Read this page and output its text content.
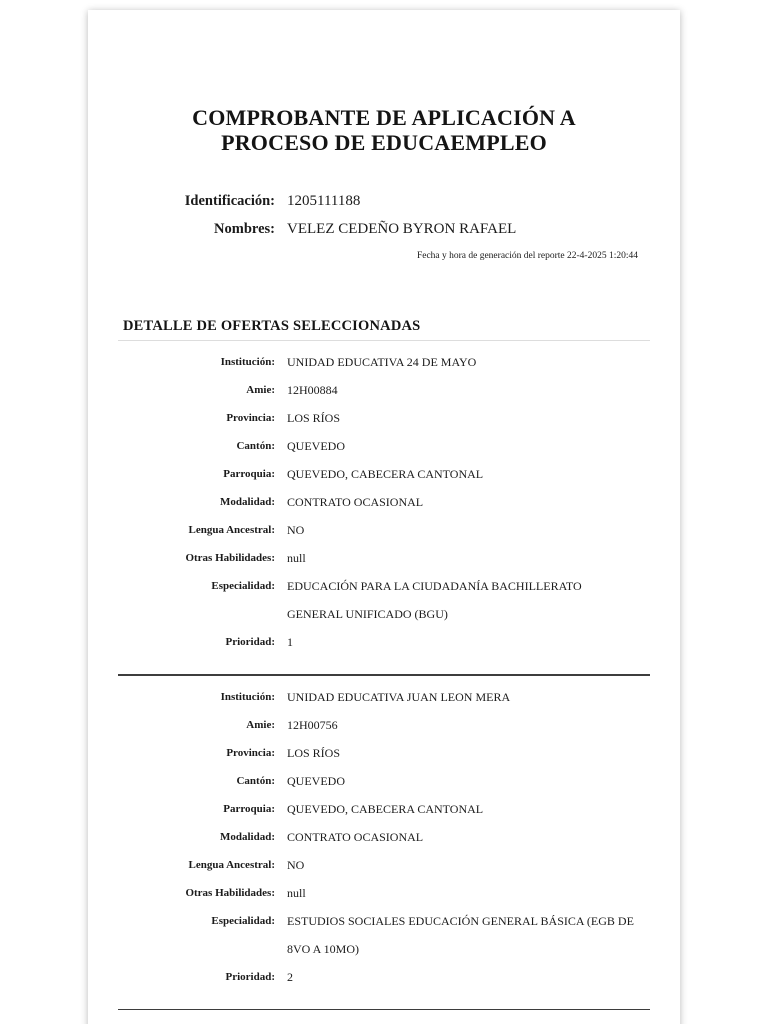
COMPROBANTE DE APLICACIÓN A
PROCESO DE EDUCAEMPLEO
Identificación: 1205111188
Nombres: VELEZ CEDEÑO BYRON RAFAEL
Fecha y hora de generación del reporte 22-4-2025 1:20:44
DETALLE DE OFERTAS SELECCIONADAS
Institución: UNIDAD EDUCATIVA 24 DE MAYO
Amie: 12H00884
Provincia: LOS RÍOS
Cantón: QUEVEDO
Parroquia: QUEVEDO, CABECERA CANTONAL
Modalidad: CONTRATO OCASIONAL
Lengua Ancestral: NO
Otras Habilidades: null
Especialidad: EDUCACIÓN PARA LA CIUDADANÍA BACHILLERATO GENERAL UNIFICADO (BGU)
Prioridad: 1
Institución: UNIDAD EDUCATIVA JUAN LEON MERA
Amie: 12H00756
Provincia: LOS RÍOS
Cantón: QUEVEDO
Parroquia: QUEVEDO, CABECERA CANTONAL
Modalidad: CONTRATO OCASIONAL
Lengua Ancestral: NO
Otras Habilidades: null
Especialidad: ESTUDIOS SOCIALES EDUCACIÓN GENERAL BÁSICA (EGB DE 8VO A 10MO)
Prioridad: 2
